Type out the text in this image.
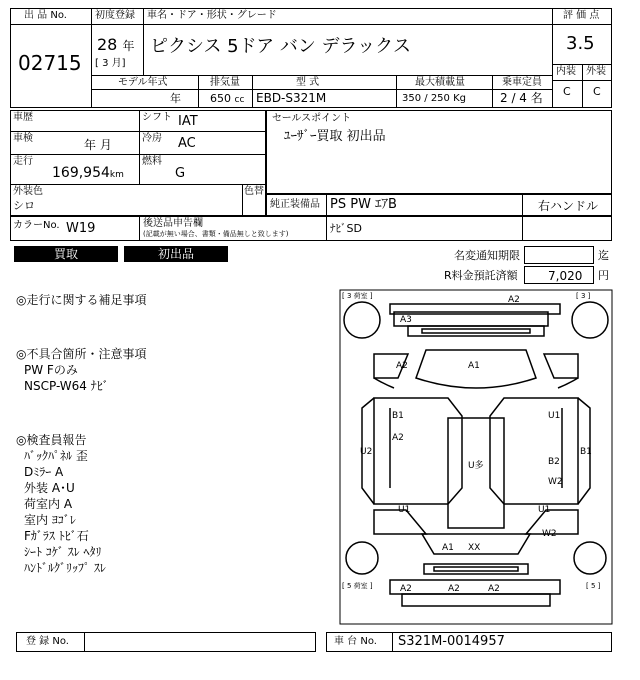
出 品 No.
02715
初度登録 車名・ドア・形状・グレード
28 年
[ 3 月]
ピクシス 5ドア バン デラックス
評 価 点
3.5
内装 外装
C C
モデル年式	排気量	型 式	最大積載量	乗車定員
年	650 cc EBD-S321M	350 / 250 Kg	2 / 4 名
車歴	シフト IAT
車検	年 月	冷房 AC
走行
169,954km
燃料
G
外装色
シロ
色替
セールスポイント
ﾕｰｻﾞｰ買取 初出品
純正装備品 PS PW ｴｱB	右ハンドル
カラーNo. W19	後送品申告欄
(記載が無い場合、書類・備品無しと致します)	ﾅﾋﾞSD
買取	初出品	名変通知期限	迄
R料金預託済額	7,020 円
◎走行に関する補足事項
◎不具合箇所・注意事項
PW Fのみ
NSCP-W64 ﾅﾋﾞ
◎検査員報告
ﾊﾞｯｸﾊﾟﾈﾙ 歪
Dﾐﾗｰ A
外装 A･U
荷室内 A
室内 ﾖｺﾞﾚ
Fｶﾞﾗｽ ﾄﾋﾞ石
ｼｰﾄ ｺｹﾞ ｽﾚ ﾍﾀﾘ
ﾊﾝﾄﾞﾙｸﾞﾘｯﾌﾟ ｽﾚ
[ 3 荷室 ]	[ 3 ]
[ 5 荷室 ]	[ 5 ]
A2
A3
A1
A2
B1
A2
U2
U多
U1
B2
W2
B1
U1	U1
W2
A1 XX
A2	A2	A2
登 録 No.	車 台 No. S321M-0014957
